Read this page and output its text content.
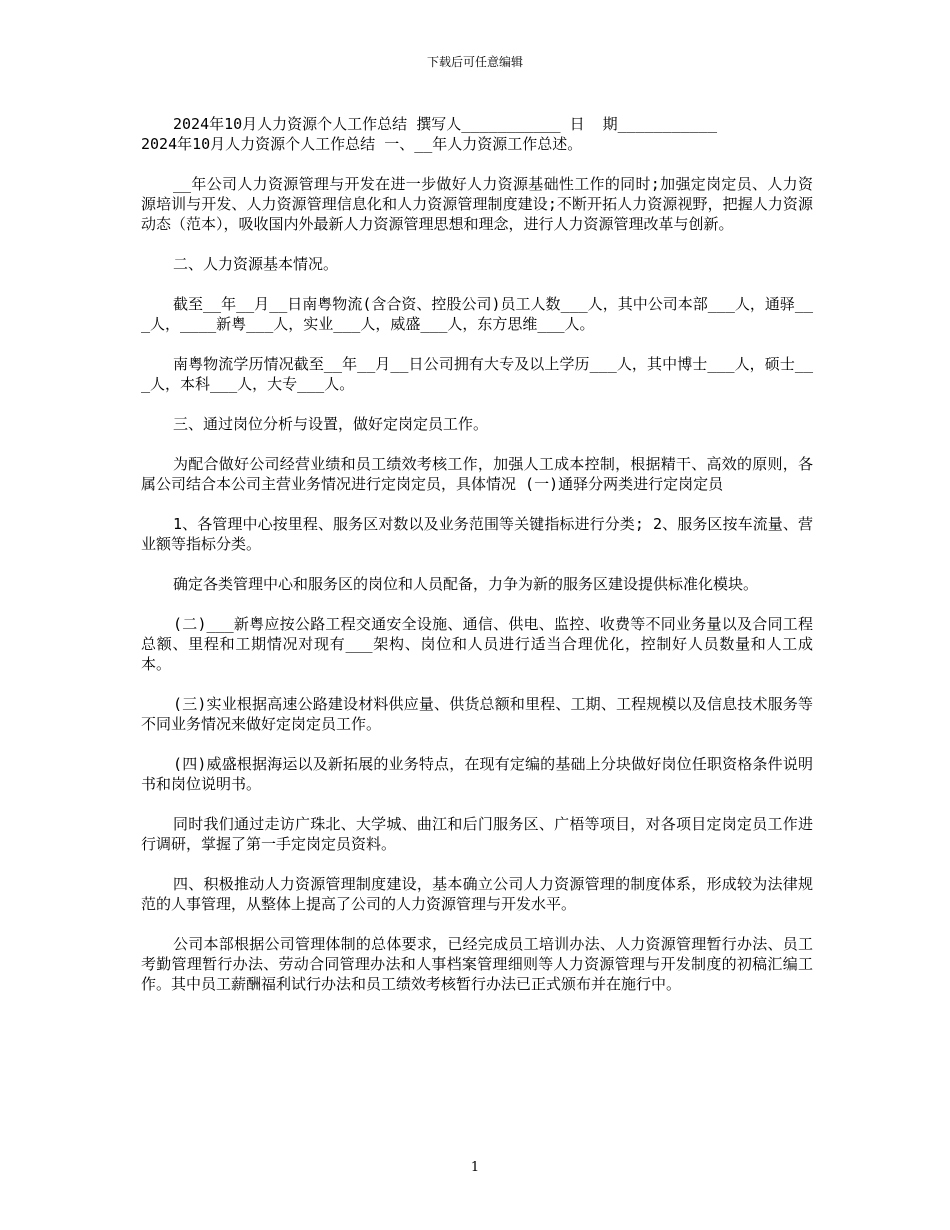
下载后可任意编辑

2024年10月人力资源个人工作总结 撰写人___________ 日  期___________

2024年10月人力资源个人工作总结 一、__年人力资源工作总述。

__年公司人力资源管理与开发在进一步做好人力资源基础性工作的同时;加强定岗定员、人力资源培训与开发、人力资源管理信息化和人力资源管理制度建设;不断开拓人力资源视野，把握人力资源动态（范本），吸收国内外最新人力资源管理思想和理念，进行人力资源管理改革与创新。

二、人力资源基本情况。

截至__年__月__日南粤物流(含合资、控股公司)员工人数___人，其中公司本部___人，通驿___人，____新粤___人，实业___人，威盛___人，东方思维___人。

南粤物流学历情况截至__年__月__日公司拥有大专及以上学历___人，其中博士___人，硕士___人，本科___人，大专___人。

三、通过岗位分析与设置，做好定岗定员工作。

为配合做好公司经营业绩和员工绩效考核工作，加强人工成本控制，根据精干、高效的原则，各属公司结合本公司主营业务情况进行定岗定员，具体情况 (一)通驿分两类进行定岗定员

1、各管理中心按里程、服务区对数以及业务范围等关键指标进行分类; 2、服务区按车流量、营业额等指标分类。

确定各类管理中心和服务区的岗位和人员配备，力争为新的服务区建设提供标准化模块。

(二)___新粤应按公路工程交通安全设施、通信、供电、监控、收费等不同业务量以及合同工程总额、里程和工期情况对现有___架构、岗位和人员进行适当合理优化，控制好人员数量和人工成本。

(三)实业根据高速公路建设材料供应量、供货总额和里程、工期、工程规模以及信息技术服务等不同业务情况来做好定岗定员工作。

(四)威盛根据海运以及新拓展的业务特点，在现有定编的基础上分块做好岗位任职资格条件说明书和岗位说明书。

同时我们通过走访广珠北、大学城、曲江和后门服务区、广梧等项目，对各项目定岗定员工作进行调研，掌握了第一手定岗定员资料。

四、积极推动人力资源管理制度建设，基本确立公司人力资源管理的制度体系，形成较为法律规范的人事管理，从整体上提高了公司的人力资源管理与开发水平。

公司本部根据公司管理体制的总体要求，已经完成员工培训办法、人力资源管理暂行办法、员工考勤管理暂行办法、劳动合同管理办法和人事档案管理细则等人力资源管理与开发制度的初稿汇编工作。其中员工薪酬福利试行办法和员工绩效考核暂行办法已正式颁布并在施行中。

1
